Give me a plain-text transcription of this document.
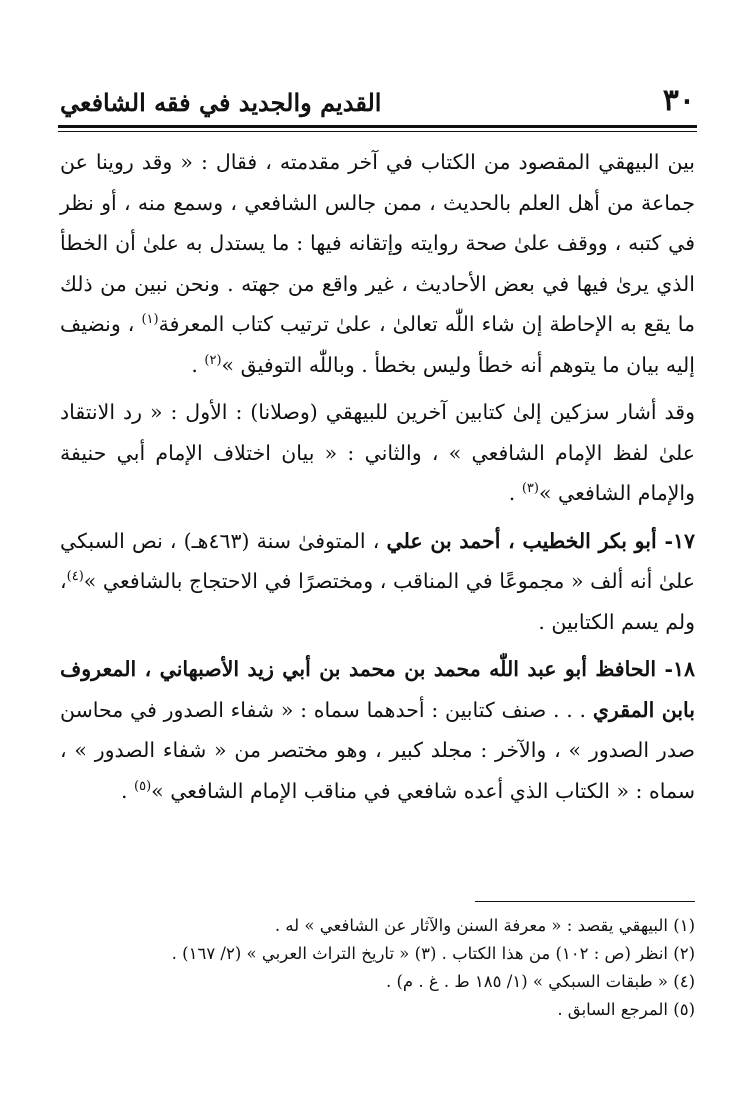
٣٠
القديم والجديد في فقه الشافعي

بين البيهقي المقصود من الكتاب في آخر مقدمته ، فقال : « وقد روينا عن جماعة من أهل العلم بالحديث ، ممن جالس الشافعي ، وسمع منه ، أو نظر في كتبه ، ووقف علىٰ صحة روايته وإتقانه فيها : ما يستدل به علىٰ أن الخطأ الذي يرىٰ فيها في بعض الأحاديث ، غير واقع من جهته . ونحن نبين من ذلك ما يقع به الإحاطة إن شاء اللّٰه تعالىٰ ، علىٰ ترتيب كتاب المعرفة$^{(١)}$ ، ونضيف إليه بيان ما يتوهم أنه خطأ وليس بخطأ . وباللّٰه التوفيق »$^{(٢)}$ .

وقد أشار سزكين إلىٰ كتابين آخرين للبيهقي (وصلانا) : الأول : « رد الانتقاد علىٰ لفظ الإمام الشافعي » ، والثاني : « بيان اختلاف الإمام أبي حنيفة والإمام الشافعي »$^{(٣)}$ .

١٧- أبو بكر الخطيب ، أحمد بن علي ، المتوفىٰ سنة (٤٦٣هـ) ، نص السبكي علىٰ أنه ألف « مجموعًا في المناقب ، ومختصرًا في الاحتجاج بالشافعي »$^{(٤)}$، ولم يسم الكتابين .

١٨- الحافظ أبو عبد اللّٰه محمد بن محمد بن أبي زيد الأصبهاني ، المعروف بابن المقري . . . صنف كتابين : أحدهما سماه : « شفاء الصدور في محاسن صدر الصدور » ، والآخر : مجلد كبير ، وهو مختصر من « شفاء الصدور » ، سماه : « الكتاب الذي أعده شافعي في مناقب الإمام الشافعي »$^{(٥)}$ .

(١) البيهقي يقصد : « معرفة السنن والآثار عن الشافعي » له .

(٢) انظر (ص : ١٠٢) من هذا الكتاب . (٣) « تاريخ التراث العربي » (٢/ ١٦٧) .

(٤) « طبقات السبكي » (١/ ١٨٥ ط . غ . م) .

(٥) المرجع السابق .
